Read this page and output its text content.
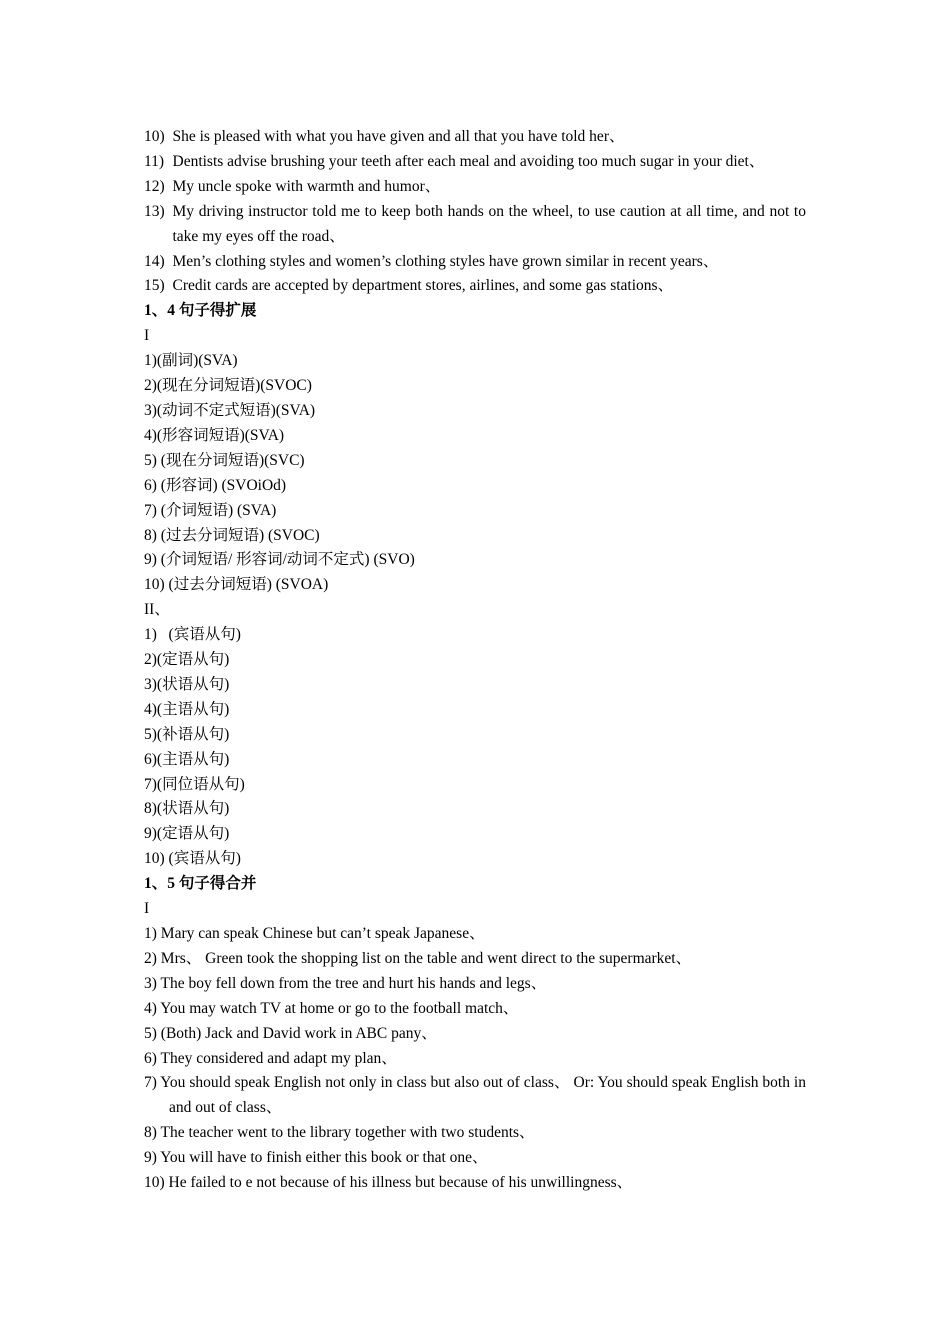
10) She is pleased with what you have given and all that you have told her、
11) Dentists advise brushing your teeth after each meal and avoiding too much sugar in your diet、
12) My uncle spoke with warmth and humor、
13) My driving instructor told me to keep both hands on the wheel, to use caution at all time, and not to take my eyes off the road、
14) Men’s clothing styles and women’s clothing styles have grown similar in recent years、
15) Credit cards are accepted by department stores, airlines, and some gas stations、
1、4 句子得扩展
I
1)(副词)(SVA)
2)(现在分词短语)(SVOC)
3)(动词不定式短语)(SVA)
4)(形容词短语)(SVA)
5) (现在分词短语)(SVC)
6) (形容词) (SVOiOd)
7) (介词短语) (SVA)
8) (过去分词短语) (SVOC)
9) (介词短语/ 形容词/动词不定式) (SVO)
10) (过去分词短语) (SVOA)
II、
1)   (宾语从句)
2)(定语从句)
3)(状语从句)
4)(主语从句)
5)(补语从句)
6)(主语从句)
7)(同位语从句)
8)(状语从句)
9)(定语从句)
10) (宾语从句)
1、5 句子得合并
I
1) Mary can speak Chinese but can’t speak Japanese、
2) Mrs、 Green took the shopping list on the table and went direct to the supermarket、
3) The boy fell down from the tree and hurt his hands and legs、
4) You may watch TV at home or go to the football match、
5) (Both) Jack and David work in ABC pany、
6) They considered and adapt my plan、
7) You should speak English not only in class but also out of class、 Or: You should speak English both in and out of class、
8) The teacher went to the library together with two students、
9) You will have to finish either this book or that one、
10) He failed to e not because of his illness but because of his unwillingness、
